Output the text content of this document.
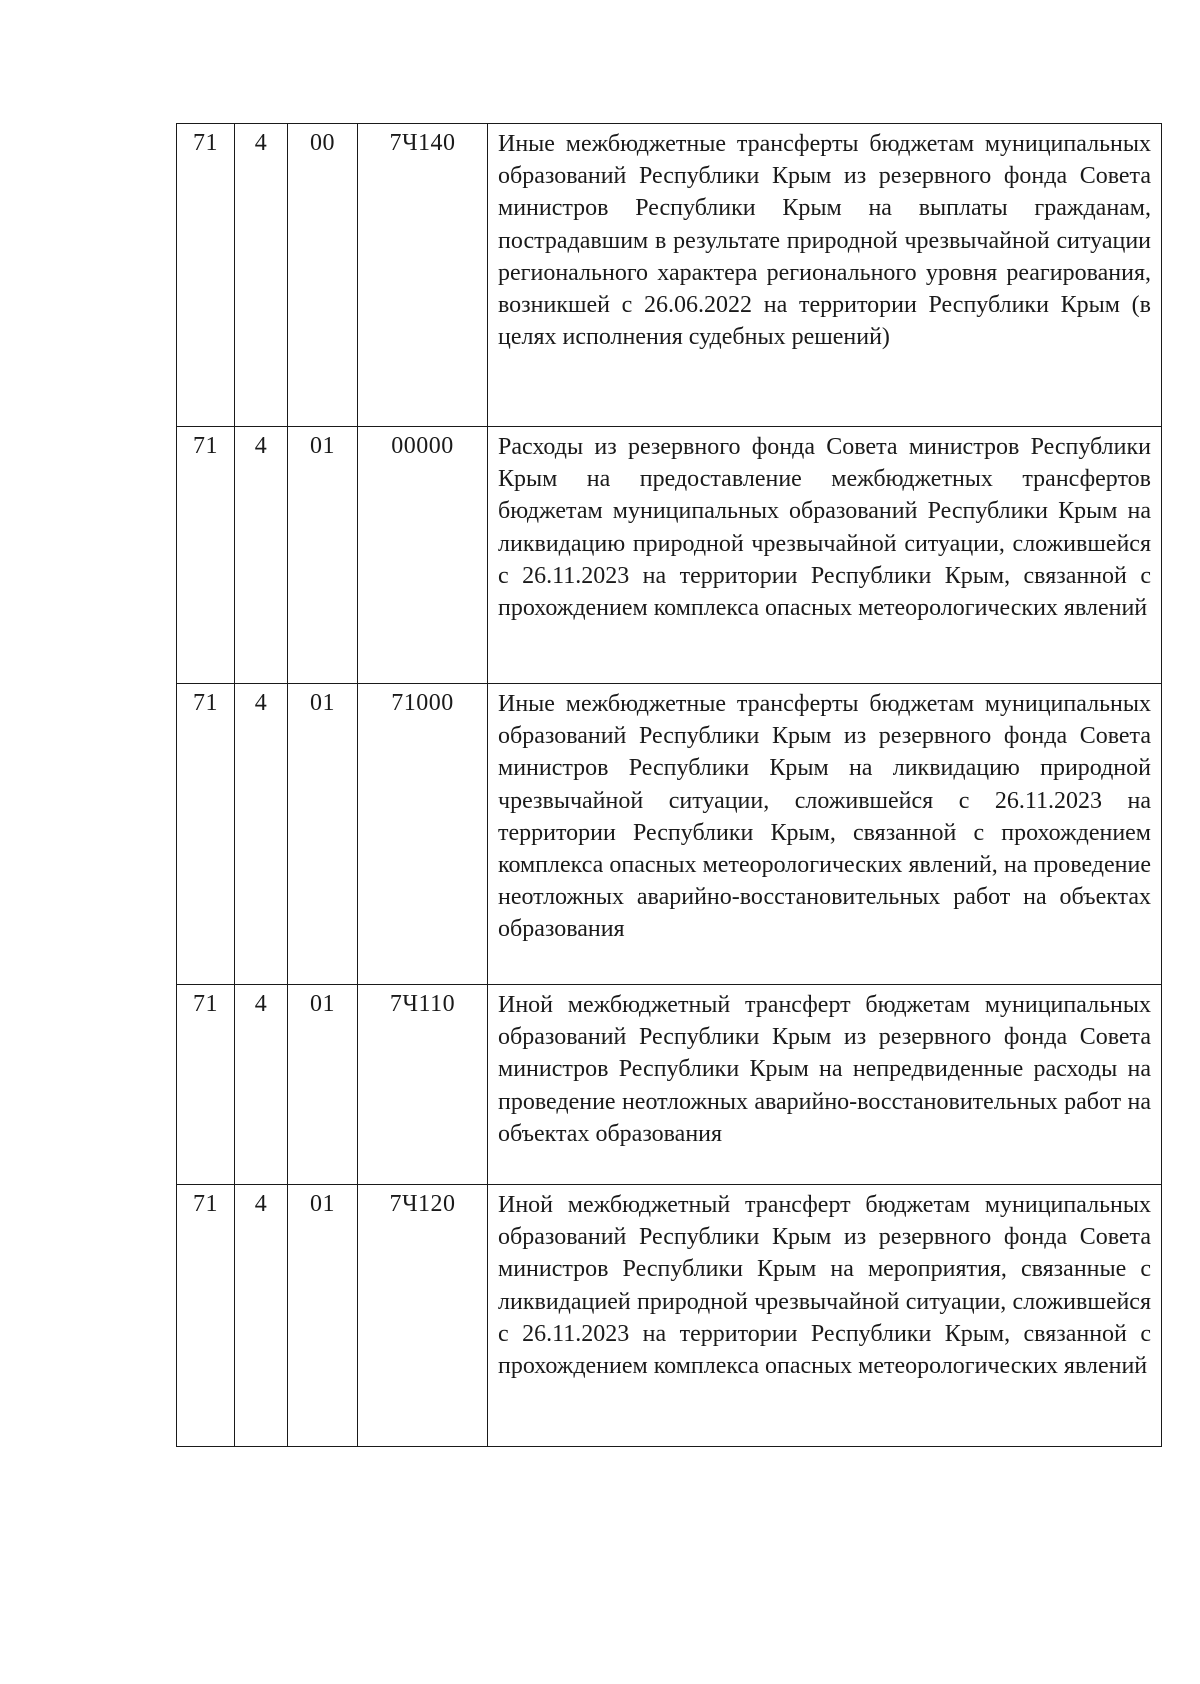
71	4	00	7Ч140	Иные межбюджетные трансферты бюджетам муниципальных образований Республики Крым из резервного фонда Совета министров Республики Крым на выплаты гражданам, пострадавшим в результате природной чрезвычайной ситуации регионального характера регионального уровня реагирования, возникшей с 26.06.2022 на территории Республики Крым (в целях исполнения судебных решений)
71	4	01	00000	Расходы из резервного фонда Совета министров Республики Крым на предоставление межбюджетных трансфертов бюджетам муниципальных образований Республики Крым на ликвидацию природной чрезвычайной ситуации, сложившейся с 26.11.2023 на территории Республики Крым, связанной с прохождением комплекса опасных метеорологических явлений
71	4	01	71000	Иные межбюджетные трансферты бюджетам муниципальных образований Республики Крым из резервного фонда Совета министров Республики Крым на ликвидацию природной чрезвычайной ситуации, сложившейся с 26.11.2023 на территории Республики Крым, связанной с прохождением комплекса опасных метеорологических явлений, на проведение неотложных аварийно-восстановительных работ на объектах образования
71	4	01	7Ч110	Иной межбюджетный трансферт бюджетам муниципальных образований Республики Крым из резервного фонда Совета министров Республики Крым на непредвиденные расходы на проведение неотложных аварийно-восстановительных работ на объектах образования
71	4	01	7Ч120	Иной межбюджетный трансферт бюджетам муниципальных образований Республики Крым из резервного фонда Совета министров Республики Крым на мероприятия, связанные с ликвидацией природной чрезвычайной ситуации, сложившейся с 26.11.2023 на территории Республики Крым, связанной с прохождением комплекса опасных метеорологических явлений
